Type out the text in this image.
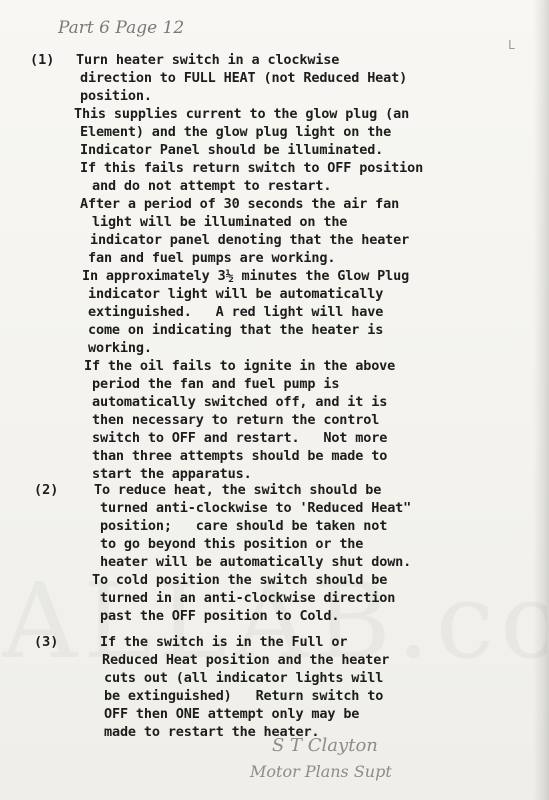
Part 6 Page 12
L
(1) Turn heater switch in a clockwise
direction to FULL HEAT (not Reduced Heat)
position.
This supplies current to the glow plug (an
Element) and the glow plug light on the
Indicator Panel should be illuminated.
If this fails return switch to OFF position
and do not attempt to restart.
After a period of 30 seconds the air fan
light will be illuminated on the
indicator panel denoting that the heater
fan and fuel pumps are working.
In approximately 3½ minutes the Glow Plug
indicator light will be automatically
extinguished.   A red light will have
come on indicating that the heater is
working.
If the oil fails to ignite in the above
period the fan and fuel pump is
automatically switched off, and it is
then necessary to return the control
switch to OFF and restart.   Not more
than three attempts should be made to
start the apparatus.
(2)	To reduce heat, the switch should be
turned anti-clockwise to 'Reduced Heat"
position;   care should be taken not
to go beyond this position or the
heater will be automatically shut down.
To cold position the switch should be
turned in an anti-clockwise direction
past the OFF position to Cold.
(3)	If the switch is in the Full or
Reduced Heat position and the heater
cuts out (all indicator lights will
be extinguished)   Return switch to
OFF then ONE attempt only may be
made to restart the heater.
S T Clayton
Motor Plans Supt
